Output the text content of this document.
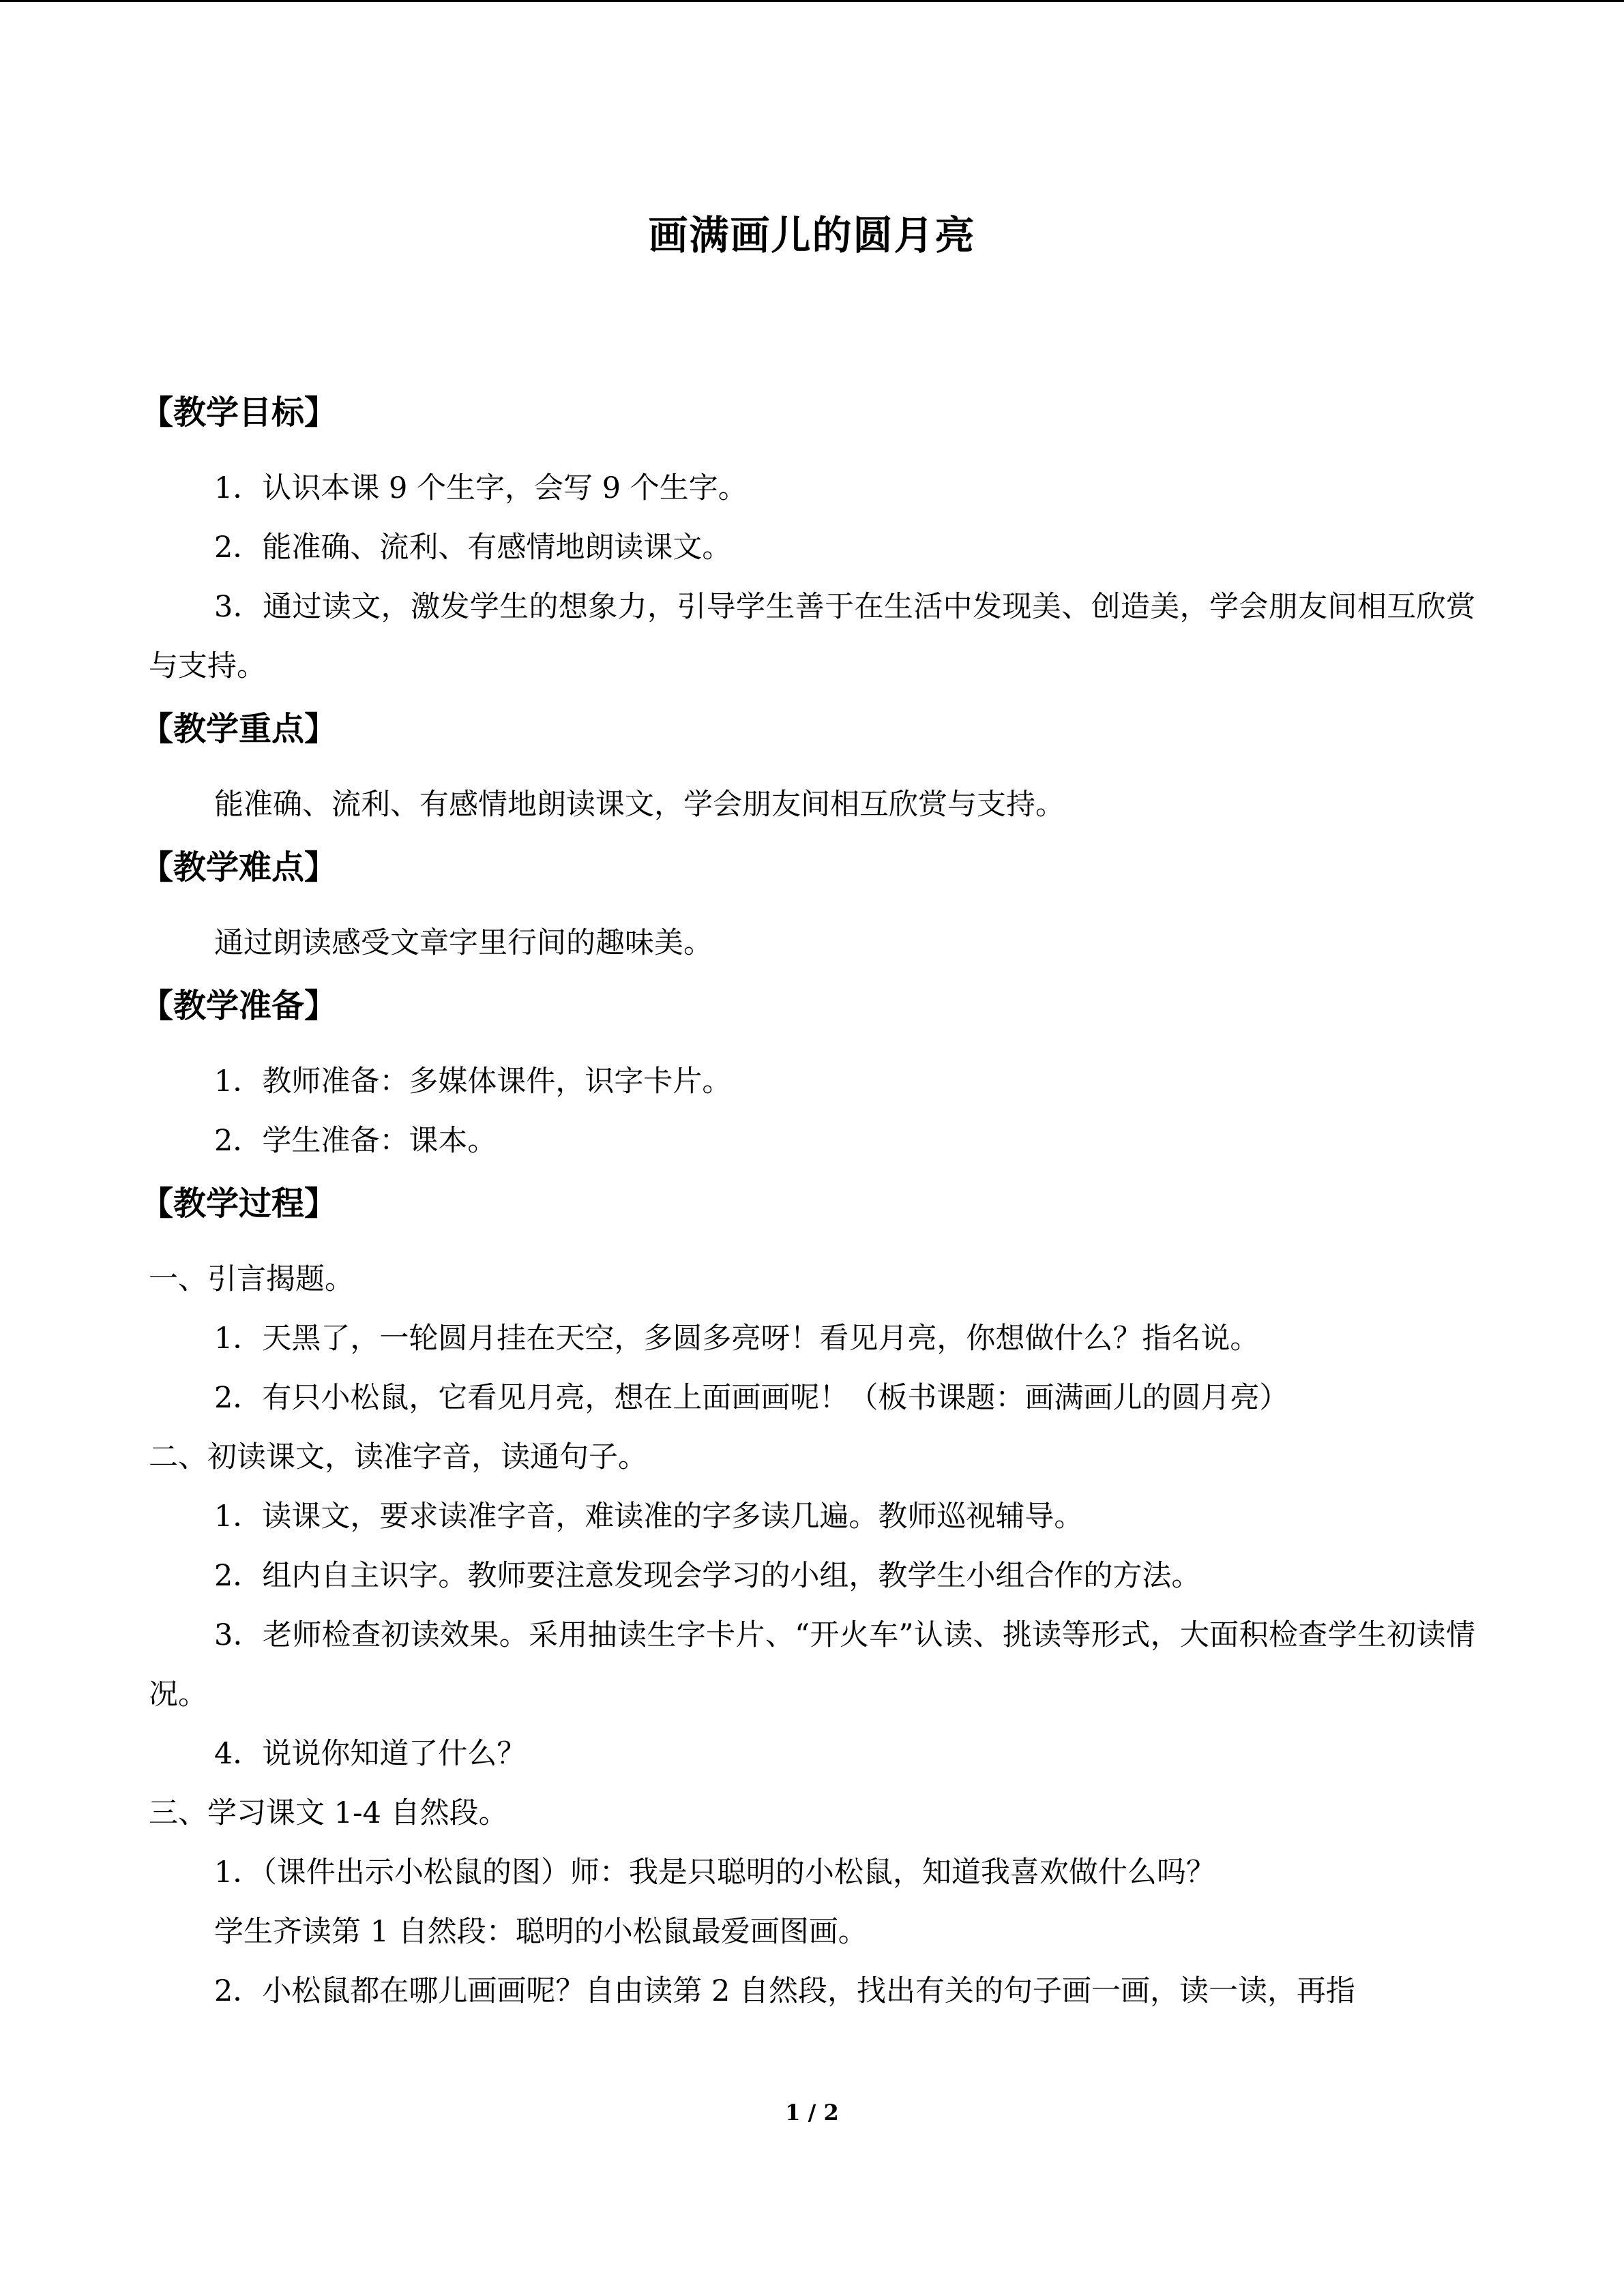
画满画儿的圆月亮
【教学目标】

1．认识本课 9 个生字，会写 9 个生字。

2．能准确、流利、有感情地朗读课文。

3．通过读文，激发学生的想象力，引导学生善于在生活中发现美、创造美，学会朋友间相互欣赏与支持。

【教学重点】

能准确、流利、有感情地朗读课文，学会朋友间相互欣赏与支持。

【教学难点】

通过朗读感受文章字里行间的趣味美。

【教学准备】

1．教师准备：多媒体课件，识字卡片。

2．学生准备：课本。

【教学过程】

一、引言揭题。

1．天黑了，一轮圆月挂在天空，多圆多亮呀！看见月亮，你想做什么？指名说。

2．有只小松鼠，它看见月亮，想在上面画画呢！（板书课题：画满画儿的圆月亮）

二、初读课文，读准字音，读通句子。

1．读课文，要求读准字音，难读准的字多读几遍。教师巡视辅导。

2．组内自主识字。教师要注意发现会学习的小组，教学生小组合作的方法。

3．老师检查初读效果。采用抽读生字卡片、“开火车”认读、挑读等形式，大面积检查学生初读情况。

4．说说你知道了什么？

三、学习课文 1-4 自然段。

1．（课件出示小松鼠的图）师：我是只聪明的小松鼠，知道我喜欢做什么吗？

学生齐读第 1 自然段：聪明的小松鼠最爱画图画。

2．小松鼠都在哪儿画画呢？自由读第 2 自然段，找出有关的句子画一画，读一读，再指

1 / 2
